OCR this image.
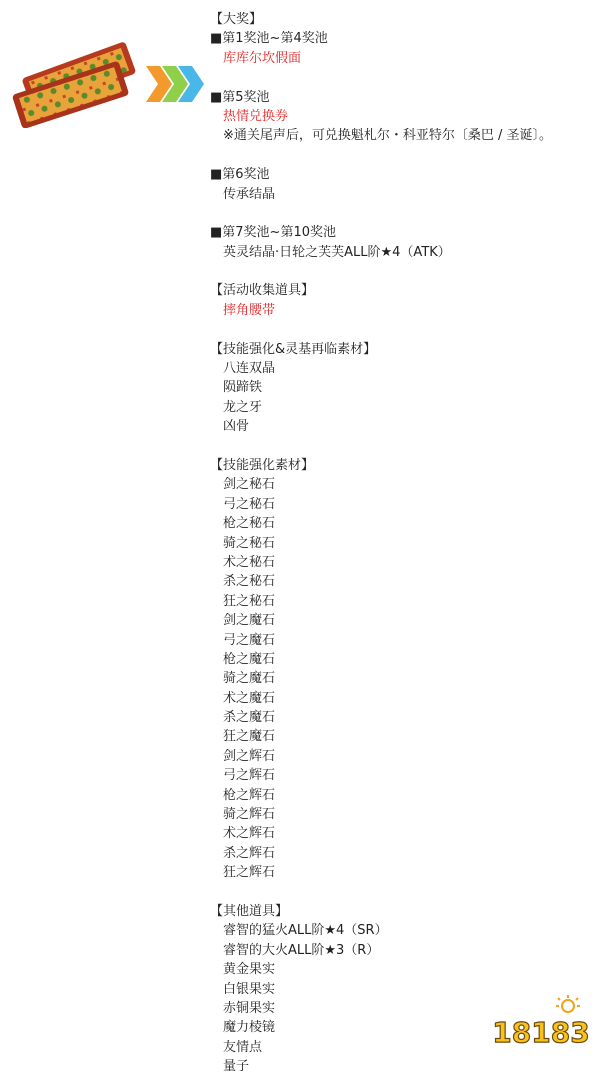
【大奖】
■第1奖池~第4奖池
库库尔坎假面
■第5奖池
热情兑换券
※通关尾声后，可兑换魁札尔・科亚特尔〔桑巴 / 圣诞〕。
■第6奖池
传承结晶
■第7奖池~第10奖池
英灵结晶·日轮之芙芙ALL阶★4（ATK）
【活动收集道具】
摔角腰带
【技能强化&灵基再临素材】
八连双晶
陨蹄铁
龙之牙
凶骨
【技能强化素材】
剑之秘石
弓之秘石
枪之秘石
骑之秘石
术之秘石
杀之秘石
狂之秘石
剑之魔石
弓之魔石
枪之魔石
骑之魔石
术之魔石
杀之魔石
狂之魔石
剑之辉石
弓之辉石
枪之辉石
骑之辉石
术之辉石
杀之辉石
狂之辉石
【其他道具】
睿智的猛火ALL阶★4（SR）
睿智的大火ALL阶★3（R）
黄金果实
白银果实
赤铜果实
魔力棱镜
友情点
量子
18183
